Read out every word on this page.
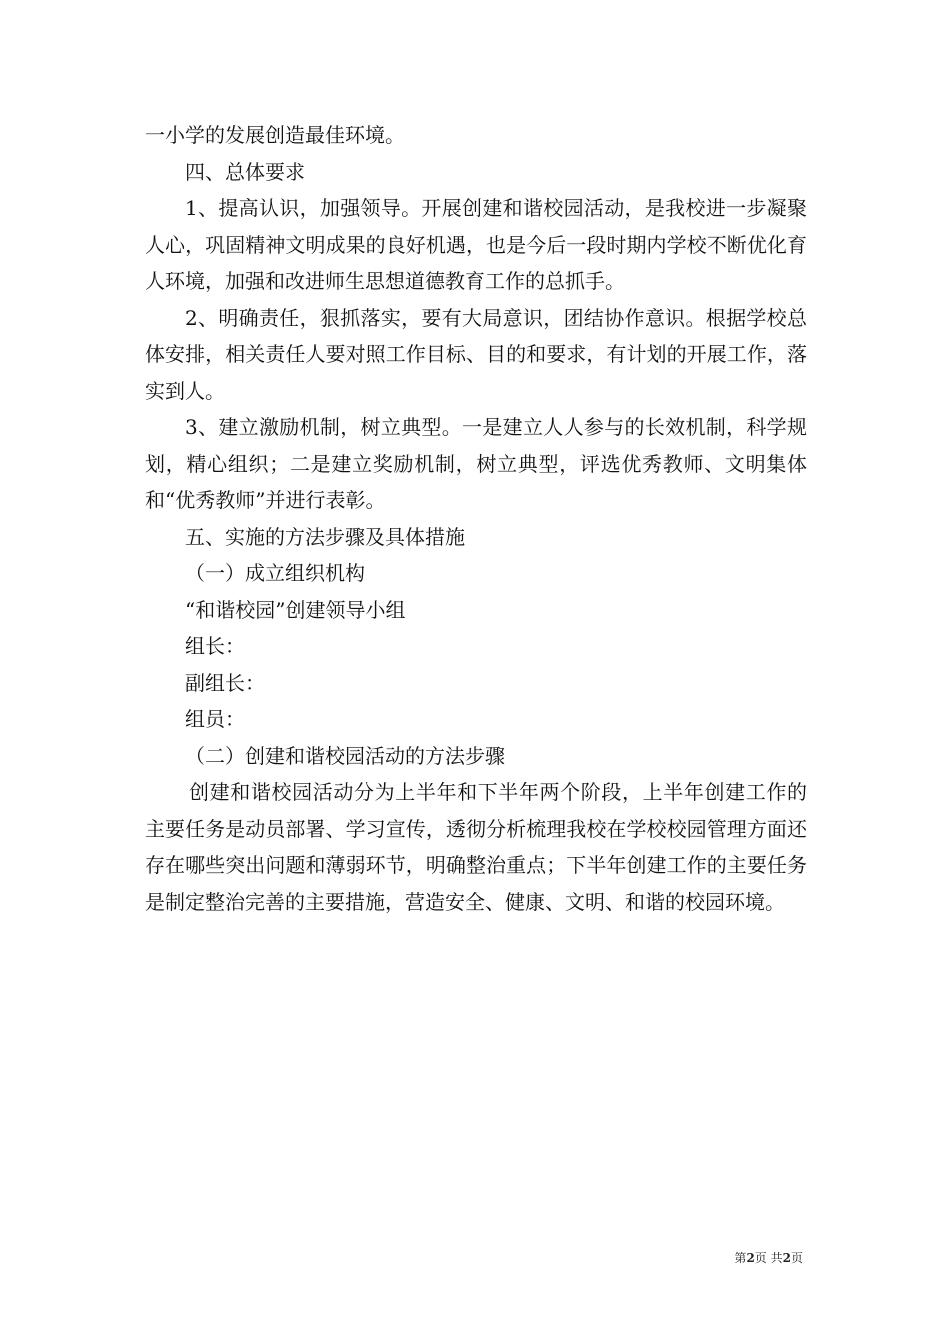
一小学的发展创造最佳环境。

四、总体要求

1、提高认识，加强领导。开展创建和谐校园活动，是我校进一步凝聚人心，巩固精神文明成果的良好机遇，也是今后一段时期内学校不断优化育人环境，加强和改进师生思想道德教育工作的总抓手。

2、明确责任，狠抓落实，要有大局意识，团结协作意识。根据学校总体安排，相关责任人要对照工作目标、目的和要求，有计划的开展工作，落实到人。

3、建立激励机制，树立典型。一是建立人人参与的长效机制，科学规划，精心组织；二是建立奖励机制，树立典型，评选优秀教师、文明集体和“优秀教师”并进行表彰。

五、实施的方法步骤及具体措施

（一）成立组织机构

“和谐校园”创建领导小组

组长：

副组长：

组员：

（二）创建和谐校园活动的方法步骤

创建和谐校园活动分为上半年和下半年两个阶段，上半年创建工作的主要任务是动员部署、学习宣传，透彻分析梳理我校在学校校园管理方面还存在哪些突出问题和薄弱环节，明确整治重点；下半年创建工作的主要任务是制定整治完善的主要措施，营造安全、健康、文明、和谐的校园环境。

第2页 共2页
